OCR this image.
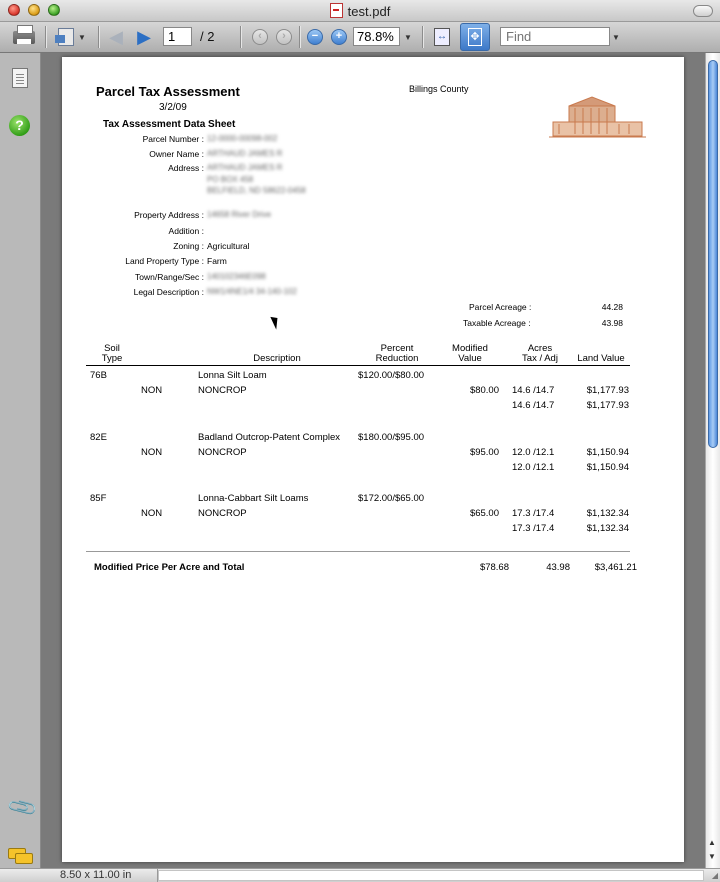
test.pdf
▼ ◀ ▶
1	/ 2	‹	›	−	+
78.8%	▼ ↔ ✥
Find	▼
?
📎
▲
▼
8.50 x 11.00 in	◢
Parcel Tax Assessment
3/2/09
Tax Assessment Data Sheet
Billings County
Parcel Number : 12-0000-00098-002
Owner Name : ARTHAUD JAMES R
Address : ARTHAUD JAMES R
PO BOX 458
BELFIELD, ND 58622-0458
Property Address : 14658 River Drive
Addition :
Zoning : Agricultural
Land Property Type : Farm
Town/Range/Sec : 140102346E098
Legal Description : NW1/4NE1/4 34-140-102
Parcel Acreage :	44.28
Taxable Acreage :	43.98
Soil
Type	Description
Percent
Reduction
Modified
Value
Acres
Tax / Adj	Land Value
76B	Lonna Silt Loam	$120.00/$80.00
NON	NONCROP	$80.00 14.6 /14.7	$1,177.93
14.6 /14.7	$1,177.93
82E	Badland Outcrop-Patent Complex $180.00/$95.00
NON	NONCROP	$95.00 12.0 /12.1	$1,150.94
12.0 /12.1	$1,150.94
85F	Lonna-Cabbart Silt Loams	$172.00/$65.00
NON	NONCROP	$65.00 17.3 /17.4	$1,132.34
17.3 /17.4	$1,132.34
Modified Price Per Acre and Total	$78.68	43.98	$3,461.21
